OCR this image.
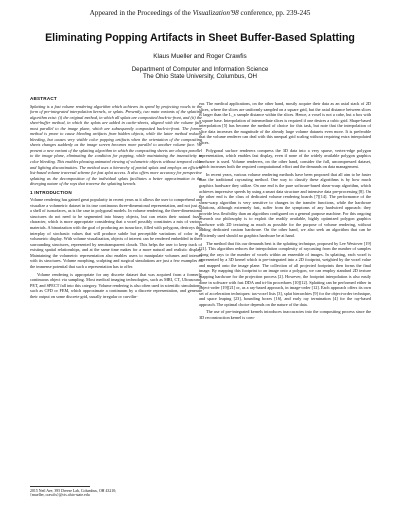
Appeared in the Proceedings of the Visualization'98 conference, pp. 239-245
Eliminating Popping Artifacts in Sheet Buffer-Based Splatting
Klaus Mueller and Roger Crawfis
Department of Computer and Information Science
The Ohio State University, Columbus, OH
ABSTRACT

Splatting is a fast volume rendering algorithm which achieves its speed by projecting voxels in the form of pre-integrated interpolation kernels, or splats. Presently, two main variants of the splatting algorithm exist: (i) the original method, in which all splats are composited back-to-front, and (ii) the sheet-buffer method, in which the splats are added in cache-sheets, aligned with the volume face most parallel to the image plane, which are subsequently composited back-to-front. The former method is prone to cause bleeding artifacts from hidden objects, while the latter method reduces bleeding, but causes very visible color popping artifacts when the orientation of the compositing sheets changes suddenly as the image screen becomes more parallel to another volume face. We present a new variant of the splatting algorithm in which the compositing sheets are always parallel to the image plane, eliminating the condition for popping, while maintaining the insensitivity to color bleeding. This enables pleasing animated viewing of volumetric objects without temporal color and lighting discontinuities. The method uses a hierarchy of partial splats and employs an efficient list-based volume traversal scheme for fast splat access. It also offers more accuracy for perspective splatting as the decomposition of the individual splats facilitates a better approximation to the diverging nature of the rays that traverse the splatting kernels.

1 INTRODUCTION

Volume rendering has gained great popularity in recent years as it allows the user to comprehend and visualize a volumetric dataset in its true continuous three-dimensional representation, and not just as a shell of isosurfaces, as is the case in polygonal models. In volume rendering, the three-dimensional structures do not need to be segmented into binary objects, but can retain their natural fuzzy character, which is more appropriate considering that a voxel possibly constitutes a mix of various materials. A binarization with the goal of producing an isosurface, filled with polygons, destroys this interplay of stochastic values that will produce subtle but perceptible variations of color in a volumetric display. With volume visualization, objects of interest can be rendered embedded in their surrounding structures, represented by semitransparent clouds. This helps the user to keep track of existing spatial relationships, and at the same time makes for a more natural and realistic display. Maintaining the volumetric representation also enables users to manipulate volumes and interact with its structures. Volume morphing, sculpting and surgical simulations are just a few examples of the immense potential that such a representation has to offer.

Volume rendering is appropriate for any discrete dataset that was acquired from a formerly continuous object via sampling. Most medical imaging technologies, such as MRI, CT, Ultrasound, PET, and SPECT fall into this category. Volume rendering is also often used in scientific simulations, such as CFD or FEM, which approximate a continuum by a discrete representation, and generate their output on some discrete grid, usually irregular or curvilin-

ear. The medical applications, on the other hand, mostly acquire their data as an axial stack of 2D slices, where the slices are uniformly sampled on a square grid, but the axial distance between slices is larger than the L_x sample distance within the slices. Hence, a voxel is not a cube, but a box with a square base. Interpolation of intermediate slices is required if one desires a cubic grid. Shape-based interpolation [5] has become the method of choice for this task, but note that the interpolation of slice data increases the magnitude of the already large volume datasets even more. It is preferable that the volume renderer can deal with this unequal grid scaling without requiring extra interpolated slices.

Polygonal surface renderers compress the 3D data into a very sparse, vertex-edge polygon representation, which enables fast display, even if none of the widely available polygon graphics hardware is used. Volume renderers, on the other hand, consider the full, uncompressed dataset, which increases both the required computational effort and the demands on data management.

In recent years, various volume rendering methods have been proposed that all aim to be faster than the traditional raycasting method. One way to classify these algorithms is by how much graphics hardware they utilize. On one end is the pure software-based shear-warp algorithm, which achieves impressive speeds by using a smart data structure and intensive data pre-processing [8]. On the other end is the class of dedicated volume rendering boards [7][14]. The performance of the shear-warp algorithm is very sensitive to changes in the transfer functions, while the hardware solutions, although extremely fast, suffer from the symptoms of any hardwired approach: they provide less flexibility than an algorithm configured on a general purpose machine. For this ongoing research our philosophy is to exploit the readily available, highly optimized polygon graphics hardware with 2D texturing as much as possible for the purpose of volume rendering, without adding dedicated custom hardware. On the other hand, we also seek an algorithm that can be efficiently used should no graphics hardware be at hand.

The method that fits our demands best is the splatting technique, proposed by Lee Westover [19][21]. This algorithm reduces the interpolation complexity of raycasting from the number of samples along the rays to the number of voxels within an ensemble of images. In splatting, each voxel is represented by a 3D kernel which is pre-integrated into a 2D footprint, weighted by the voxel value and mapped onto the image plane. The collection of all projected footprints then forms the final image. By mapping this footprint to an image onto a polygon, we can employ standard 2D texture mapping hardware for the projection process [2]. However, the footprint interpolation is also easily done in software with fast DDA and tri-lin procedures [10][12]. Splatting can be performed either in object-order [19][21] or, as a ray-based approach, in image-order [12]. Each approach offers its own set of acceleration techniques: tax-voxel lists [3], splat hierarchies [9] for the object-order technique, and space leaping [23], bounding boxes [16], and early ray termination [4] for the ray-based approach. The optimal choice depends on the nature of the data.

The use of pre-integrated kernels introduces inaccuracies into the compositing process since the 3D reconstruction kernel is com-

2015 Neil Ave, 395 Dreese Lab, Columbus, OH 43210;
{mueller, crawfis}@cis.ohio-state.edu
